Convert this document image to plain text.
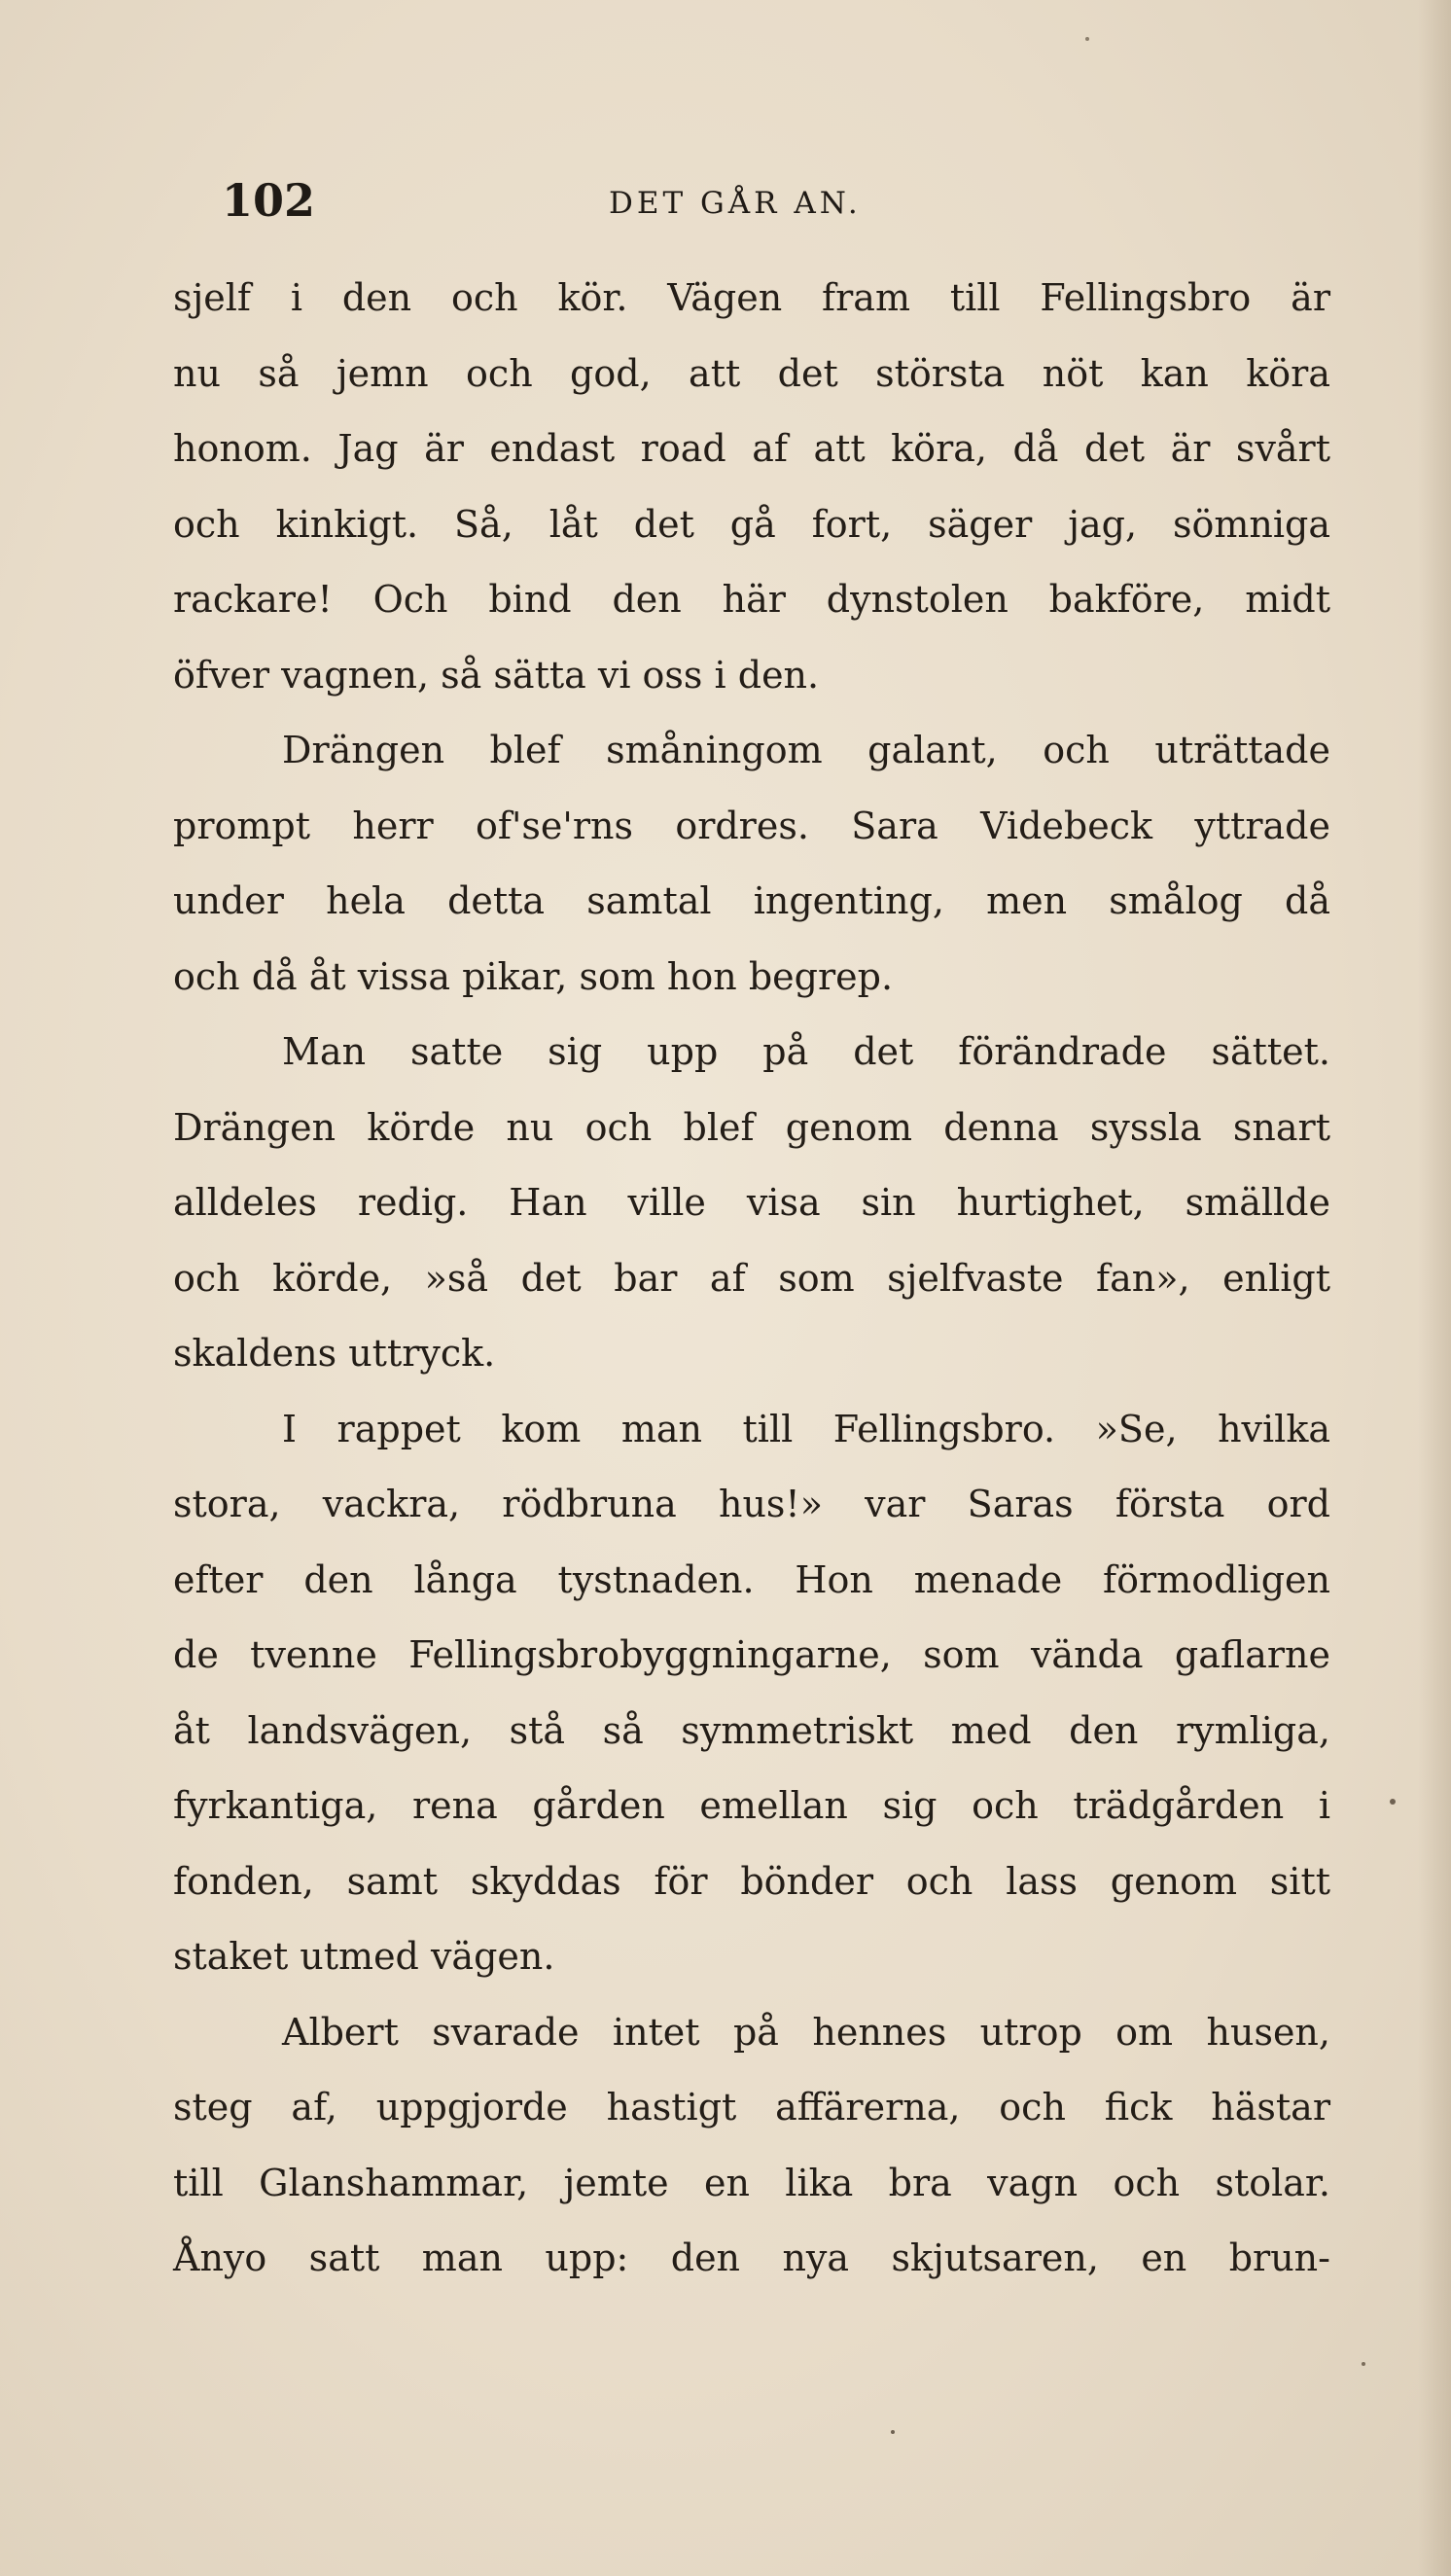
102	DET GÅR AN.
sjelf i den och kör. Vägen fram till Fellingsbro är
nu så jemn och god, att det största nöt kan köra
honom. Jag är endast road af att köra, då det är svårt
och kinkigt. Så, låt det gå fort, säger jag, sömniga
rackare! Och bind den här dynstolen bakföre, midt
öfver vagnen, så sätta vi oss i den.
Drängen blef småningom galant, och uträttade
prompt herr of'se'rns ordres. Sara Videbeck yttrade
under hela detta samtal ingenting, men smålog då
och då åt vissa pikar, som hon begrep.
Man satte sig upp på det förändrade sättet.
Drängen körde nu och blef genom denna syssla snart
alldeles redig. Han ville visa sin hurtighet, smällde
och körde, »så det bar af som sjelfvaste fan», enligt
skaldens uttryck.
I rappet kom man till Fellingsbro. »Se, hvilka
stora, vackra, rödbruna hus!» var Saras första ord
efter den långa tystnaden. Hon menade förmodligen
de tvenne Fellingsbrobyggningarne, som vända gaflarne
åt landsvägen, stå så symmetriskt med den rymliga,
fyrkantiga, rena gården emellan sig och trädgården i
fonden, samt skyddas för bönder och lass genom sitt
staket utmed vägen.
Albert svarade intet på hennes utrop om husen,
steg af, uppgjorde hastigt affärerna, och fick hästar
till Glanshammar, jemte en lika bra vagn och stolar.
Ånyo satt man upp: den nya skjutsaren, en brun-
